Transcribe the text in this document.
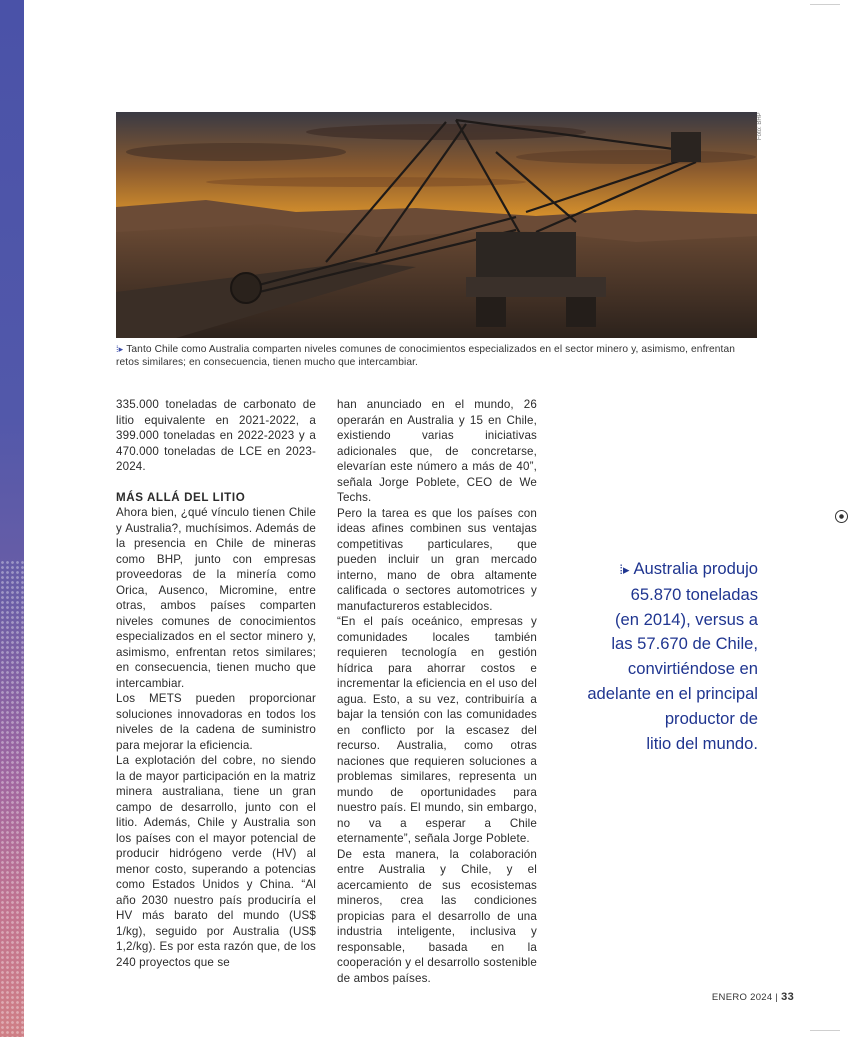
Foto: BHP
⁞▸ Tanto Chile como Australia comparten niveles comunes de conocimientos especializados en el sector minero y, asimismo, enfrentan retos similares; en consecuencia, tienen mucho que intercambiar.

335.000 toneladas de carbonato de litio equivalente en 2021-2022, a 399.000 toneladas en 2022-2023 y a 470.000 toneladas de LCE en 2023-2024.

MÁS ALLÁ DEL LITIO

Ahora bien, ¿qué vínculo tienen Chile y Australia?, muchísimos. Además de la presencia en Chile de mineras como BHP, junto con empresas proveedoras de la minería como Orica, Ausenco, Micromine, entre otras, ambos países comparten niveles comunes de conocimientos especializados en el sector minero y, asimismo, enfrentan retos similares; en consecuencia, tienen mucho que intercambiar.

Los METS pueden proporcionar soluciones innovadoras en todos los niveles de la cadena de suministro para mejorar la eficiencia.

La explotación del cobre, no siendo la de mayor participación en la matriz minera australiana, tiene un gran campo de desarrollo, junto con el litio. Además, Chile y Australia son los países con el mayor potencial de producir hidrógeno verde (HV) al menor costo, superando a potencias como Estados Unidos y China. “Al año 2030 nuestro país produciría el HV más barato del mundo (US$ 1/kg), seguido por Australia (US$ 1,2/kg). Es por esta razón que, de los 240 proyectos que se

han anunciado en el mundo, 26 operarán en Australia y 15 en Chile, existiendo varias iniciativas adicionales que, de concretarse, elevarían este número a más de 40”, señala Jorge Poblete, CEO de We Techs.

Pero la tarea es que los países con ideas afines combinen sus ventajas competitivas particulares, que pueden incluir un gran mercado interno, mano de obra altamente calificada o sectores automotrices y manufactureros establecidos.

“En el país oceánico, empresas y comunidades locales también requieren tecnología en gestión hídrica para ahorrar costos e incrementar la eficiencia en el uso del agua. Esto, a su vez, contribuiría a bajar la tensión con las comunidades en conflicto por la escasez del recurso. Australia, como otras naciones que requieren soluciones a problemas similares, representa un mundo de oportunidades para nuestro país. El mundo, sin embargo, no va a esperar a Chile eternamente”, señala Jorge Poblete.

De esta manera, la colaboración entre Australia y Chile, y el acercamiento de sus ecosistemas mineros, crea las condiciones propicias para el desarrollo de una industria inteligente, inclusiva y responsable, basada en la cooperación y el desarrollo sostenible de ambos países.

⁞▸ Australia produjo
65.870 toneladas
(en 2014), versus a
las 57.670 de Chile,
convirtiéndose en
adelante en el principal
productor de
litio del mundo.
ENERO 2024 | 33
